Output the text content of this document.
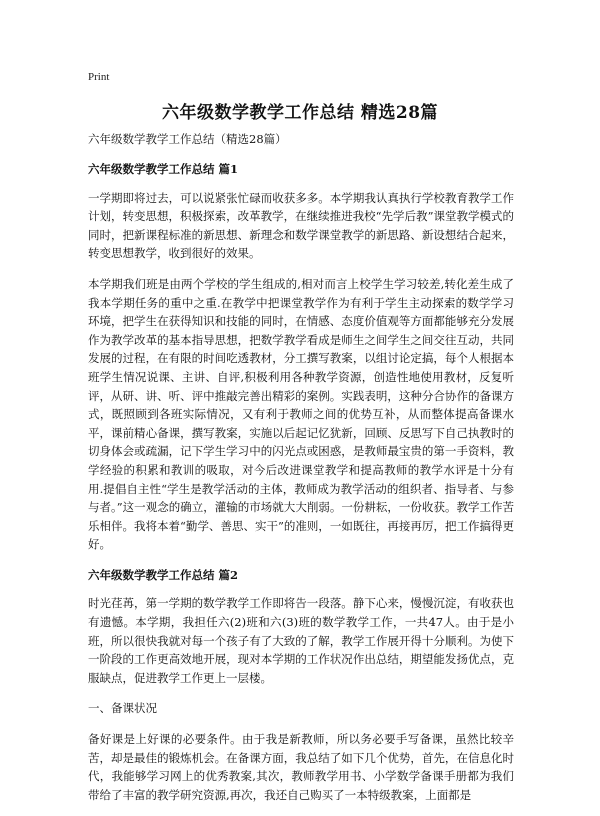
Print
六年级数学教学工作总结 精选28篇
六年级数学教学工作总结（精选28篇）
六年级数学教学工作总结 篇1

一学期即将过去，可以说紧张忙碌而收获多多。本学期我认真执行学校教育教学工作计划，转变思想，积极探索，改革教学，在继续推进我校“先学后教”课堂教学模式的同时，把新课程标准的新思想、新理念和数学课堂教学的新思路、新设想结合起来，转变思想教学，收到很好的效果。

本学期我们班是由两个学校的学生组成的,相对而言上校学生学习较差,转化差生成了我本学期任务的重中之重.在教学中把课堂教学作为有利于学生主动探索的数学学习环境，把学生在获得知识和技能的同时，在情感、态度价值观等方面都能够充分发展作为教学改革的基本指导思想，把数学教学看成是师生之间学生之间交往互动，共同发展的过程，在有限的时间吃透教材，分工撰写教案，以组讨论定搞，每个人根据本班学生情况说课、主讲、自评,积极利用各种教学资源，创造性地使用教材，反复听评，从研、讲、听、评中推敲完善出精彩的案例。实践表明，这种分合协作的备课方式，既照顾到各班实际情况，又有利于教师之间的优势互补，从而整体提高备课水平，课前精心备课，撰写教案，实施以后起记忆犹新，回顾、反思写下自己执教时的切身体会或疏漏，记下学生学习中的闪光点或困惑，是教师最宝贵的第一手资料，教学经验的积累和教训的吸取，对今后改进课堂教学和提高教师的教学水评是十分有用.提倡自主性“学生是教学活动的主体，教师成为教学活动的组织者、指导者、与参与者。”这一观念的确立，灌输的市场就大大削弱。一份耕耘，一份收获。教学工作苦乐相伴。我将本着“勤学、善思、实干”的准则，一如既往，再接再厉，把工作搞得更好。

六年级数学教学工作总结 篇2

时光荏苒，第一学期的数学教学工作即将告一段落。静下心来，慢慢沉淀，有收获也有遗憾。本学期，我担任六(2)班和六(3)班的数学教学工作，一共47人。由于是小班，所以很快我就对每一个孩子有了大致的了解，教学工作展开得十分顺利。为使下一阶段的工作更高效地开展，现对本学期的工作状况作出总结，期望能发扬优点，克服缺点，促进教学工作更上一层楼。

一、备课状况

备好课是上好课的必要条件。由于我是新教师，所以务必要手写备课，虽然比较辛苦，却是最佳的锻炼机会。在备课方面，我总结了如下几个优势，首先，在信息化时代，我能够学习网上的优秀教案,其次，教师教学用书、小学数学备课手册都为我们带给了丰富的教学研究资源,再次，我还自己购买了一本特级教案，上面都是
